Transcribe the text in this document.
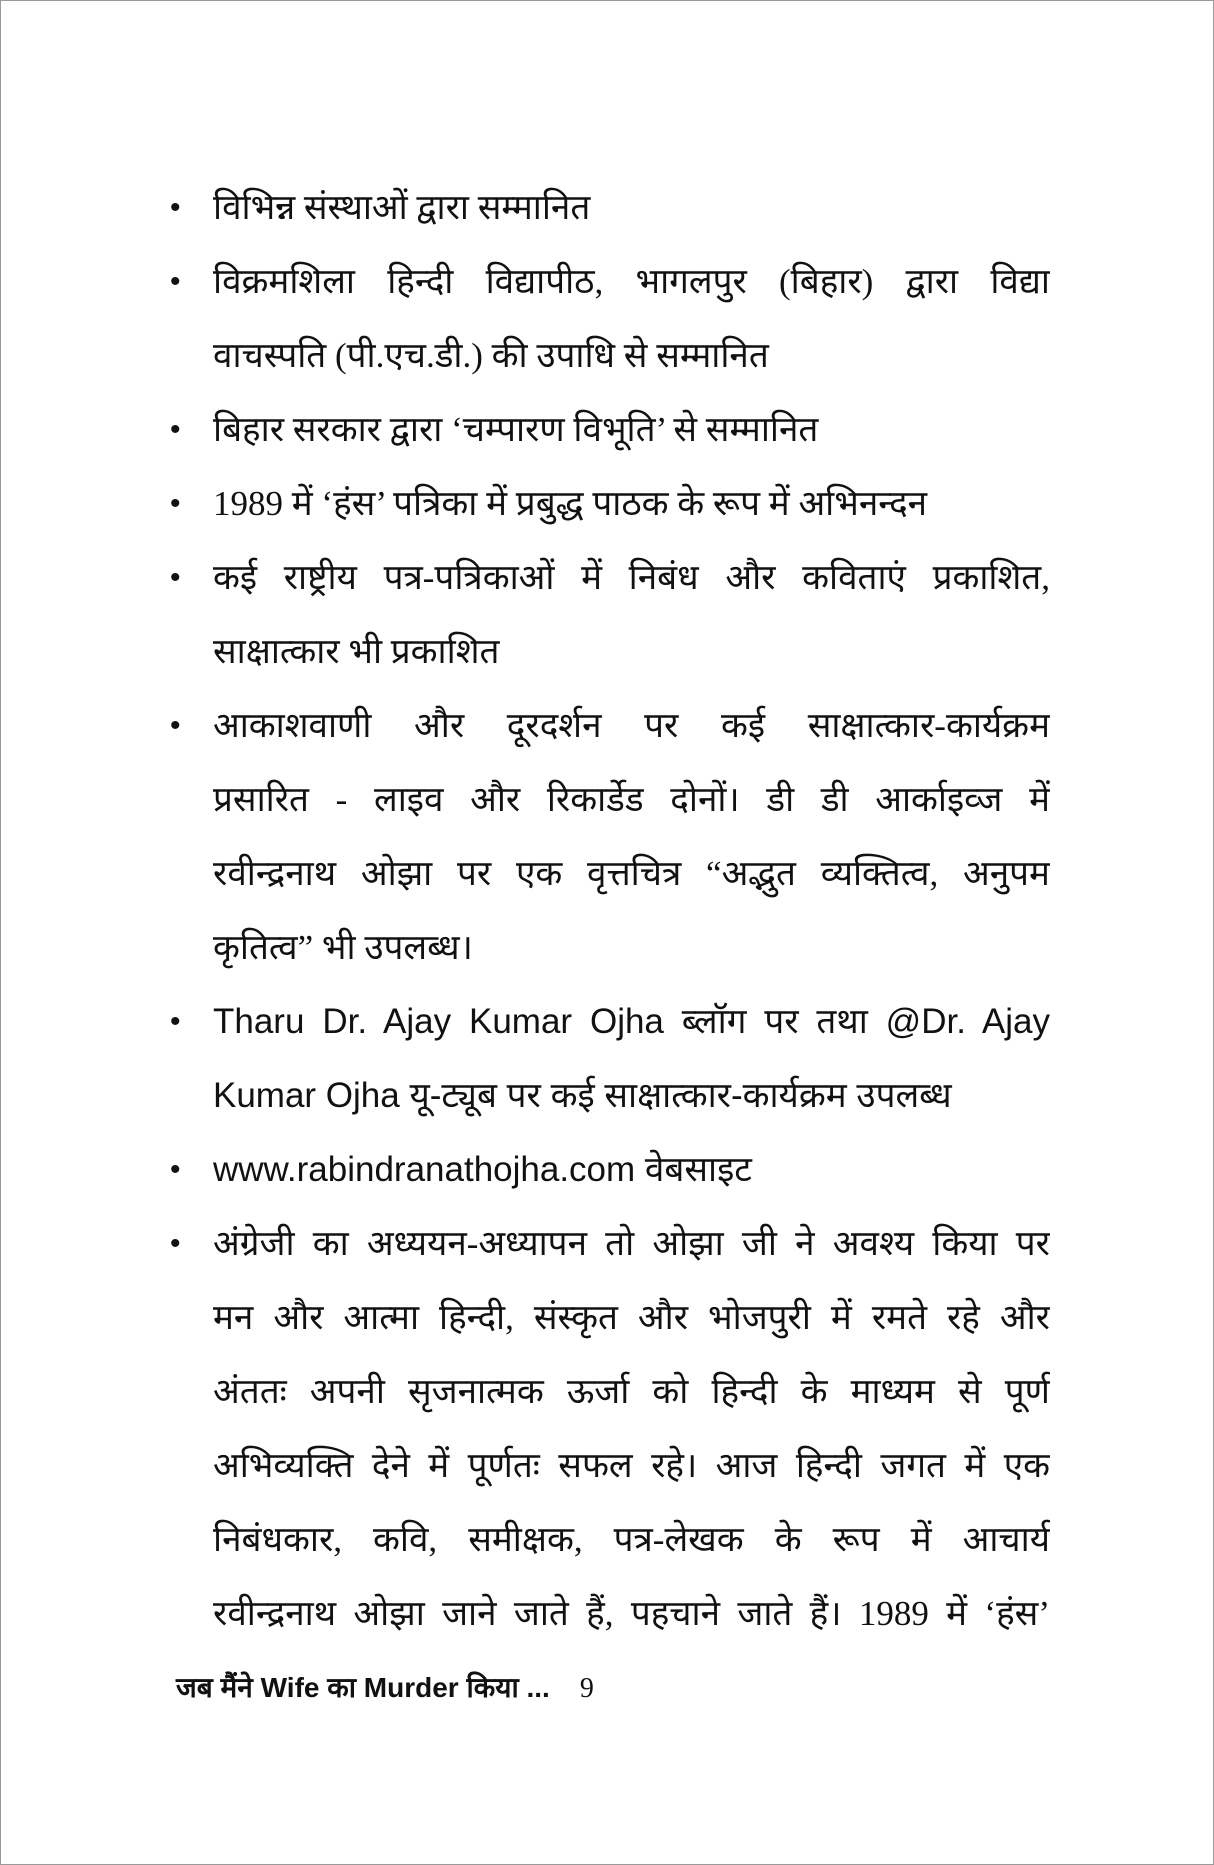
• विभिन्न संस्थाओं द्वारा सम्मानित
• विक्रमशिला हिन्दी विद्यापीठ, भागलपुर (बिहार) द्वारा विद्या
वाचस्पति (पी.एच.डी.) की उपाधि से सम्मानित
• बिहार सरकार द्वारा ‘चम्पारण विभूति’ से सम्मानित
• 1989 में ‘हंस’ पत्रिका में प्रबुद्ध पाठक के रूप में अभिनन्दन
• कई राष्ट्रीय पत्र-पत्रिकाओं में निबंध और कविताएं प्रकाशित,
साक्षात्कार भी प्रकाशित
• आकाशवाणी और दूरदर्शन पर कई साक्षात्कार-कार्यक्रम
प्रसारित - लाइव और रिकार्डेड दोनों। डी डी आर्काइव्ज में
रवीन्द्रनाथ ओझा पर एक वृत्तचित्र “अद्भुत व्यक्तित्व, अनुपम
कृतित्व” भी उपलब्ध।
• Tharu Dr. Ajay Kumar Ojha ब्लॉग पर तथा @Dr. Ajay
Kumar Ojha यू-ट्यूब पर कई साक्षात्कार-कार्यक्रम उपलब्ध
• www.rabindranathojha.com वेबसाइट
• अंग्रेजी का अध्ययन-अध्यापन तो ओझा जी ने अवश्य किया पर
मन और आत्मा हिन्दी, संस्कृत और भोजपुरी में रमते रहे और
अंततः अपनी सृजनात्मक ऊर्जा को हिन्दी के माध्यम से पूर्ण
अभिव्यक्ति देने में पूर्णतः सफल रहे। आज हिन्दी जगत में एक
निबंधकार, कवि, समीक्षक, पत्र-लेखक के रूप में आचार्य
रवीन्द्रनाथ ओझा जाने जाते हैं, पहचाने जाते हैं। 1989 में ‘हंस’
जब मैंने Wife का Murder किया ... 9
